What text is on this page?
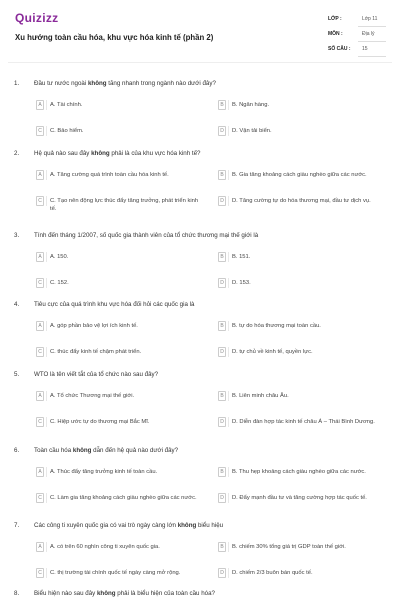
Quizizz
Xu hướng toàn cầu hóa, khu vực hóa kinh tế (phần 2)
LỚP :	Lớp 11
MÔN :	Địa lý
SỐ CÂU : 15
1. Đầu tư nước ngoài không tăng nhanh trong ngành nào dưới đây?
A	A. Tài chính.	B	B. Ngân hàng.
C	C. Bảo hiểm.	D	D. Vận tải biển.
2. Hệ quả nào sau đây không phải là của khu vực hóa kinh tế?
A	A. Tăng cường quá trình toàn cầu hóa kinh tế.	B	B. Gia tăng khoảng cách giàu nghèo giữa các nước.
C	C. Tạo nên động lực thúc đẩy tăng trưởng, phát triển kinh tế.
D	D. Tăng cường tự do hóa thương mại, đầu tư dịch vụ.
3. Tính đến tháng 1/2007, số quốc gia thành viên của tổ chức thương mại thế giới là
A	A. 150.	B	B. 151.
C	C. 152.	D	D. 153.
4. Tiêu cực của quá trình khu vực hóa đối hỏi các quốc gia là
A	A. góp phần bảo vệ lợi ích kinh tế.	B	B. tự do hóa thương mại toàn cầu.
C	C. thúc đẩy kinh tế chậm phát triển.	D	D. tự chủ về kinh tế, quyền lực.
5. WTO là tên viết tắt của tổ chức nào sau đây?
A	A. Tổ chức Thương mại thế giới.	B	B. Liên minh châu Âu.
C	C. Hiệp ước tự do thương mại Bắc Mĩ.	D	D. Diễn đàn hợp tác kinh tế châu Á – Thái Bình Dương.
6. Toàn cầu hóa không dẫn đến hệ quả nào dưới đây?
A	A. Thúc đẩy tăng trưởng kinh tế toàn cầu.	B	B. Thu hẹp khoảng cách giàu nghèo giữa các nước.
C	C. Làm gia tăng khoảng cách giàu nghèo giữa các nước.	D	D. Đẩy mạnh đầu tư và tăng cường hợp tác quốc tế.
7. Các công ti xuyên quốc gia có vai trò ngày càng lớn không biểu hiệu
A	A. có trên 60 nghìn công ti xuyên quốc gia.	B	B. chiếm 30% tổng giá trị GDP toàn thế giới.
C	C. thị trường tài chính quốc tế ngày càng mở rộng.	D	D. chiếm 2/3 buôn bán quốc tế.
8. Biểu hiện nào sau đây không phải là biểu hiện của toàn cầu hóa?
